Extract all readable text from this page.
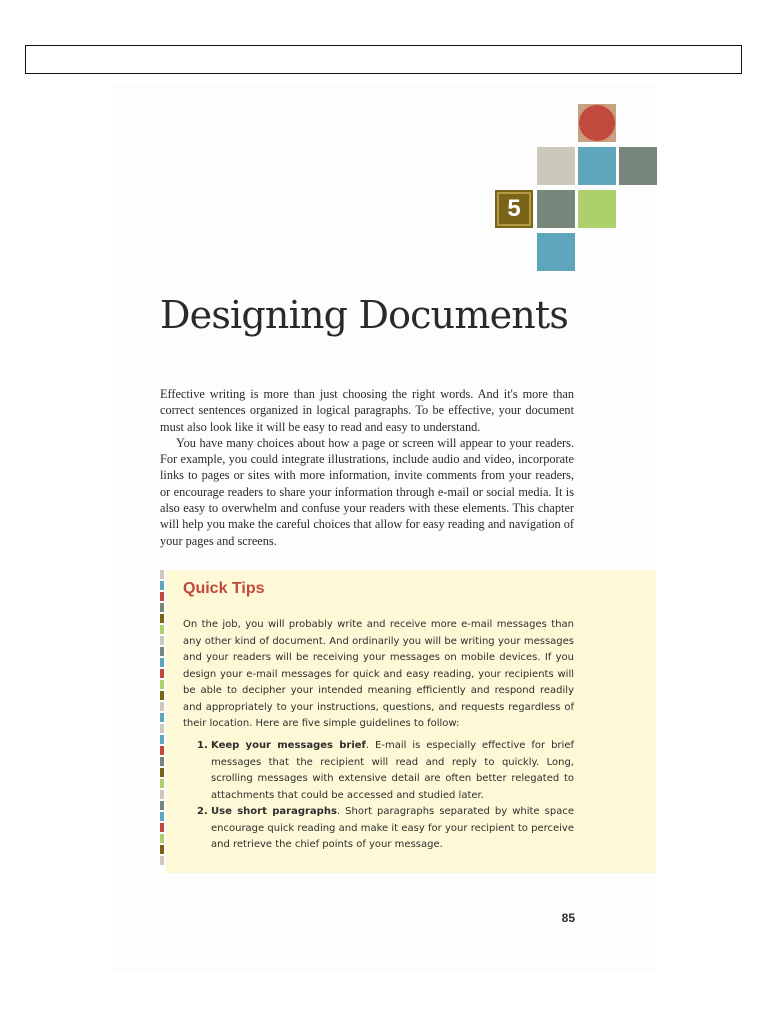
5
Designing Documents

Effective writing is more than just choosing the right words. And it's more than correct sentences organized in logical paragraphs. To be effective, your document must also look like it will be easy to read and easy to understand.

You have many choices about how a page or screen will appear to your readers. For example, you could integrate illustrations, include audio and video, incorporate links to pages or sites with more information, invite comments from your readers, or encourage readers to share your information through e-mail or social media. It is also easy to overwhelm and confuse your readers with these elements. This chapter will help you make the careful choices that allow for easy reading and navigation of your pages and screens.

Quick Tips

On the job, you will probably write and receive more e-mail messages than any other kind of document. And ordinarily you will be writing your messages and your readers will be receiving your messages on mobile devices. If you design your e-mail messages for quick and easy reading, your recipients will be able to decipher your intended meaning efficiently and respond readily and appropriately to your instructions, questions, and requests regardless of their location. Here are five simple guidelines to follow:

1. Keep your messages brief. E-mail is especially effective for brief messages that the recipient will read and reply to quickly. Long, scrolling messages with extensive detail are often better relegated to attachments that could be accessed and studied later.
2. Use short paragraphs. Short paragraphs separated by white space encourage quick reading and make it easy for your recipient to perceive and retrieve the chief points of your message.
85
